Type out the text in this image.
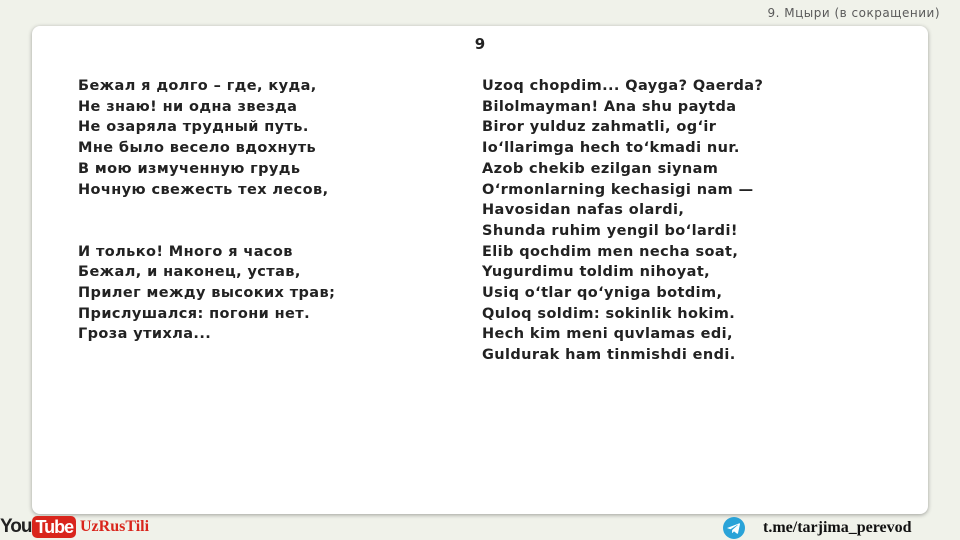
9. Мцыри (в сокращении)
9
Бежал я долго – где, куда,
Не знаю! ни одна звезда
Не озаряла трудный путь.
Мне было весело вдохнуть
В мою измученную грудь
Ночную свежесть тех лесов,
И только! Много я часов
Бежал, и наконец, устав,
Прилег между высоких трав;
Прислушался: погони нет.
Гроза утихла...
Uzoq chopdim... Qayga? Qaerda?
Bilolmayman! Ana shu paytda
Biror yulduz zahmatli, og‘ir
Io‘llarimga hech to‘kmadi nur.
Azob chekib ezilgan siynam
O‘rmonlarning kechasigi nam —
Havosidan nafas olardi,
Shunda ruhim yengil bo‘lardi!
Elib qochdim men necha soat,
Yugurdimu toldim nihoyat,
Usiq o‘tlar qo‘yniga botdim,
Quloq soldim: sokinlik hokim.
Hech kim meni quvlamas edi,
Guldurak ham tinmishdi endi.
You Tube UzRusTili	t.me/tarjima_perevod
